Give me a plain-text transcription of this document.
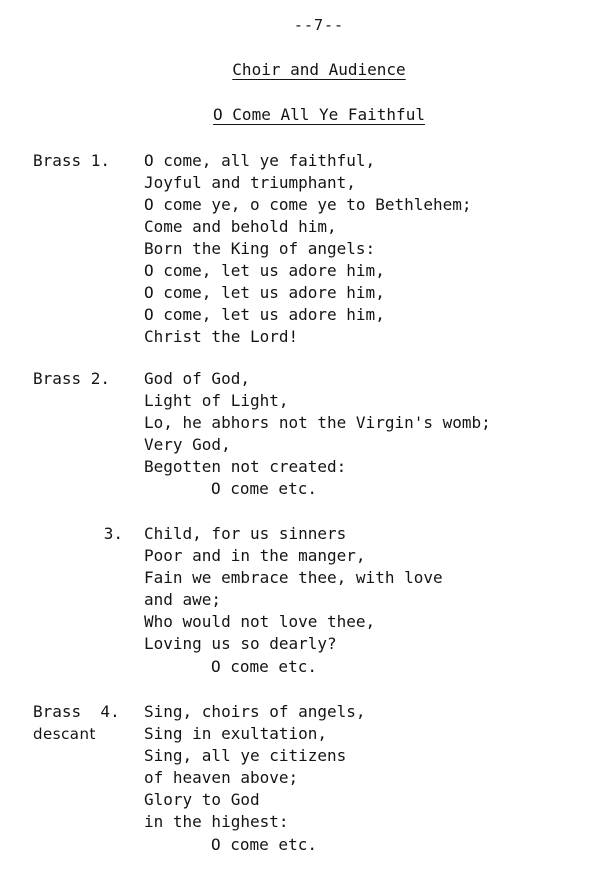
--7--
Choir and Audience
O Come All Ye Faithful
Brass 1. O come, all ye faithful,
Joyful and triumphant,
O come ye, o come ye to Bethlehem;
Come and behold him,
Born the King of angels:
O come, let us adore him,
O come, let us adore him,
O come, let us adore him,
Christ the Lord!
Brass 2. God of God,
Light of Light,
Lo, he abhors not the Virgin's womb;
Very God,
Begotten not created:
O come etc.
3. Child, for us sinners
Poor and in the manger,
Fain we embrace thee, with love
and awe;
Who would not love thee,
Loving us so dearly?
O come etc.
Brass  4.
descant
Sing, choirs of angels,
Sing in exultation,
Sing, all ye citizens
of heaven above;
Glory to God
in the highest:
O come etc.
